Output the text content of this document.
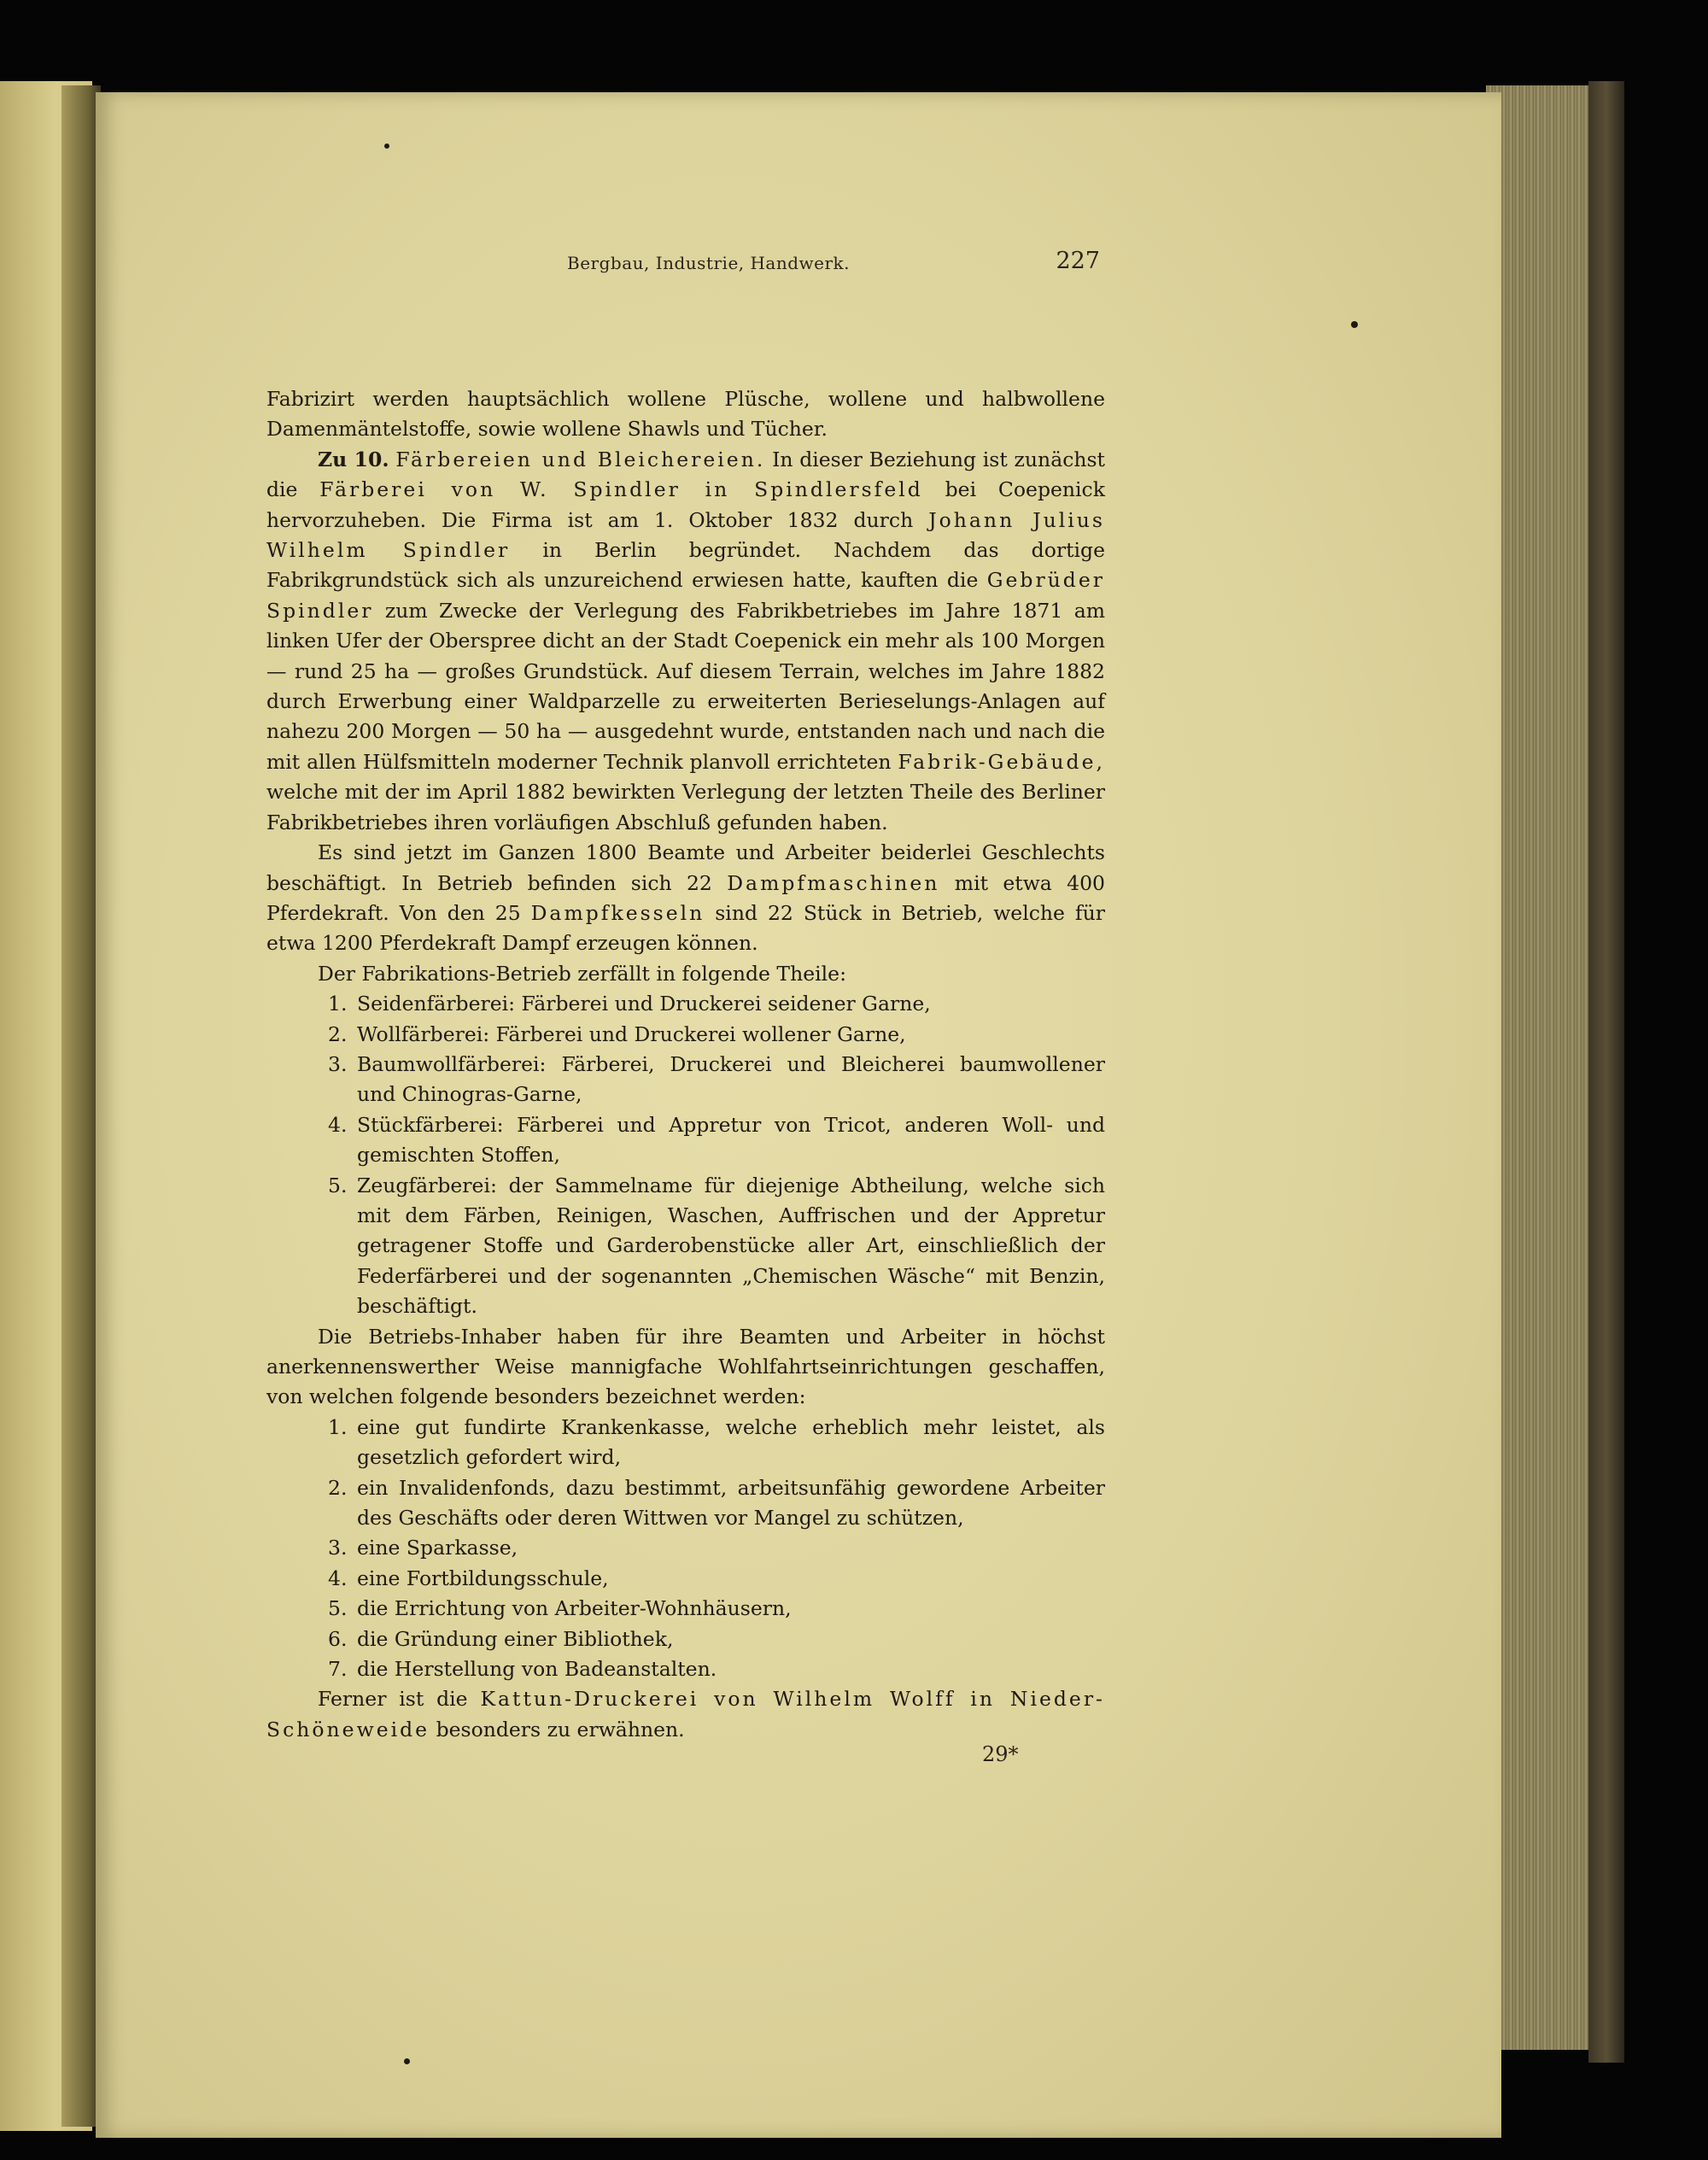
Bergbau, Industrie, Handwerk.	227

Fabrizirt werden hauptsächlich wollene Plüsche, wollene und halbwollene Damenmäntelstoffe, sowie wollene Shawls und Tücher.

Zu 10. Färbereien und Bleichereien. In dieser Beziehung ist zunächst die Färberei von W. Spindler in Spindlersfeld bei Coepenick hervorzuheben. Die Firma ist am 1. Oktober 1832 durch Johann Julius Wilhelm Spindler in Berlin begründet. Nachdem das dortige Fabrikgrundstück sich als unzureichend erwiesen hatte, kauften die Gebrüder Spindler zum Zwecke der Verlegung des Fabrikbetriebes im Jahre 1871 am linken Ufer der Oberspree dicht an der Stadt Coepenick ein mehr als 100 Morgen — rund 25 ha — großes Grundstück. Auf diesem Terrain, welches im Jahre 1882 durch Erwerbung einer Waldparzelle zu erweiterten Berieselungs-Anlagen auf nahezu 200 Morgen — 50 ha — ausgedehnt wurde, entstanden nach und nach die mit allen Hülfsmitteln moderner Technik planvoll errichteten Fabrik-Gebäude, welche mit der im April 1882 bewirkten Verlegung der letzten Theile des Berliner Fabrikbetriebes ihren vorläufigen Abschluß gefunden haben.

Es sind jetzt im Ganzen 1800 Beamte und Arbeiter beiderlei Geschlechts beschäftigt. In Betrieb befinden sich 22 Dampfmaschinen mit etwa 400 Pferdekraft. Von den 25 Dampfkesseln sind 22 Stück in Betrieb, welche für etwa 1200 Pferdekraft Dampf erzeugen können.

Der Fabrikations-Betrieb zerfällt in folgende Theile:

1. Seidenfärberei: Färberei und Druckerei seidener Garne,
2. Wollfärberei: Färberei und Druckerei wollener Garne,
3. Baumwollfärberei: Färberei, Druckerei und Bleicherei baumwollener und Chinogras-Garne,
4. Stückfärberei: Färberei und Appretur von Tricot, anderen Woll- und gemischten Stoffen,
5. Zeugfärberei: der Sammelname für diejenige Abtheilung, welche sich mit dem Färben, Reinigen, Waschen, Auffrischen und der Appretur getragener Stoffe und Garderobenstücke aller Art, einschließlich der Federfärberei und der sogenannten „Chemischen Wäsche“ mit Benzin, beschäftigt.

Die Betriebs-Inhaber haben für ihre Beamten und Arbeiter in höchst anerkennenswerther Weise mannigfache Wohlfahrtseinrichtungen geschaffen, von welchen folgende besonders bezeichnet werden:

1. eine gut fundirte Krankenkasse, welche erheblich mehr leistet, als gesetzlich gefordert wird,
2. ein Invalidenfonds, dazu bestimmt, arbeitsunfähig gewordene Arbeiter des Geschäfts oder deren Wittwen vor Mangel zu schützen,
3. eine Sparkasse,
4. eine Fortbildungsschule,
5. die Errichtung von Arbeiter-Wohnhäusern,
6. die Gründung einer Bibliothek,
7. die Herstellung von Badeanstalten.

Ferner ist die Kattun-Druckerei von Wilhelm Wolff in Nieder-Schöneweide besonders zu erwähnen.

29*
